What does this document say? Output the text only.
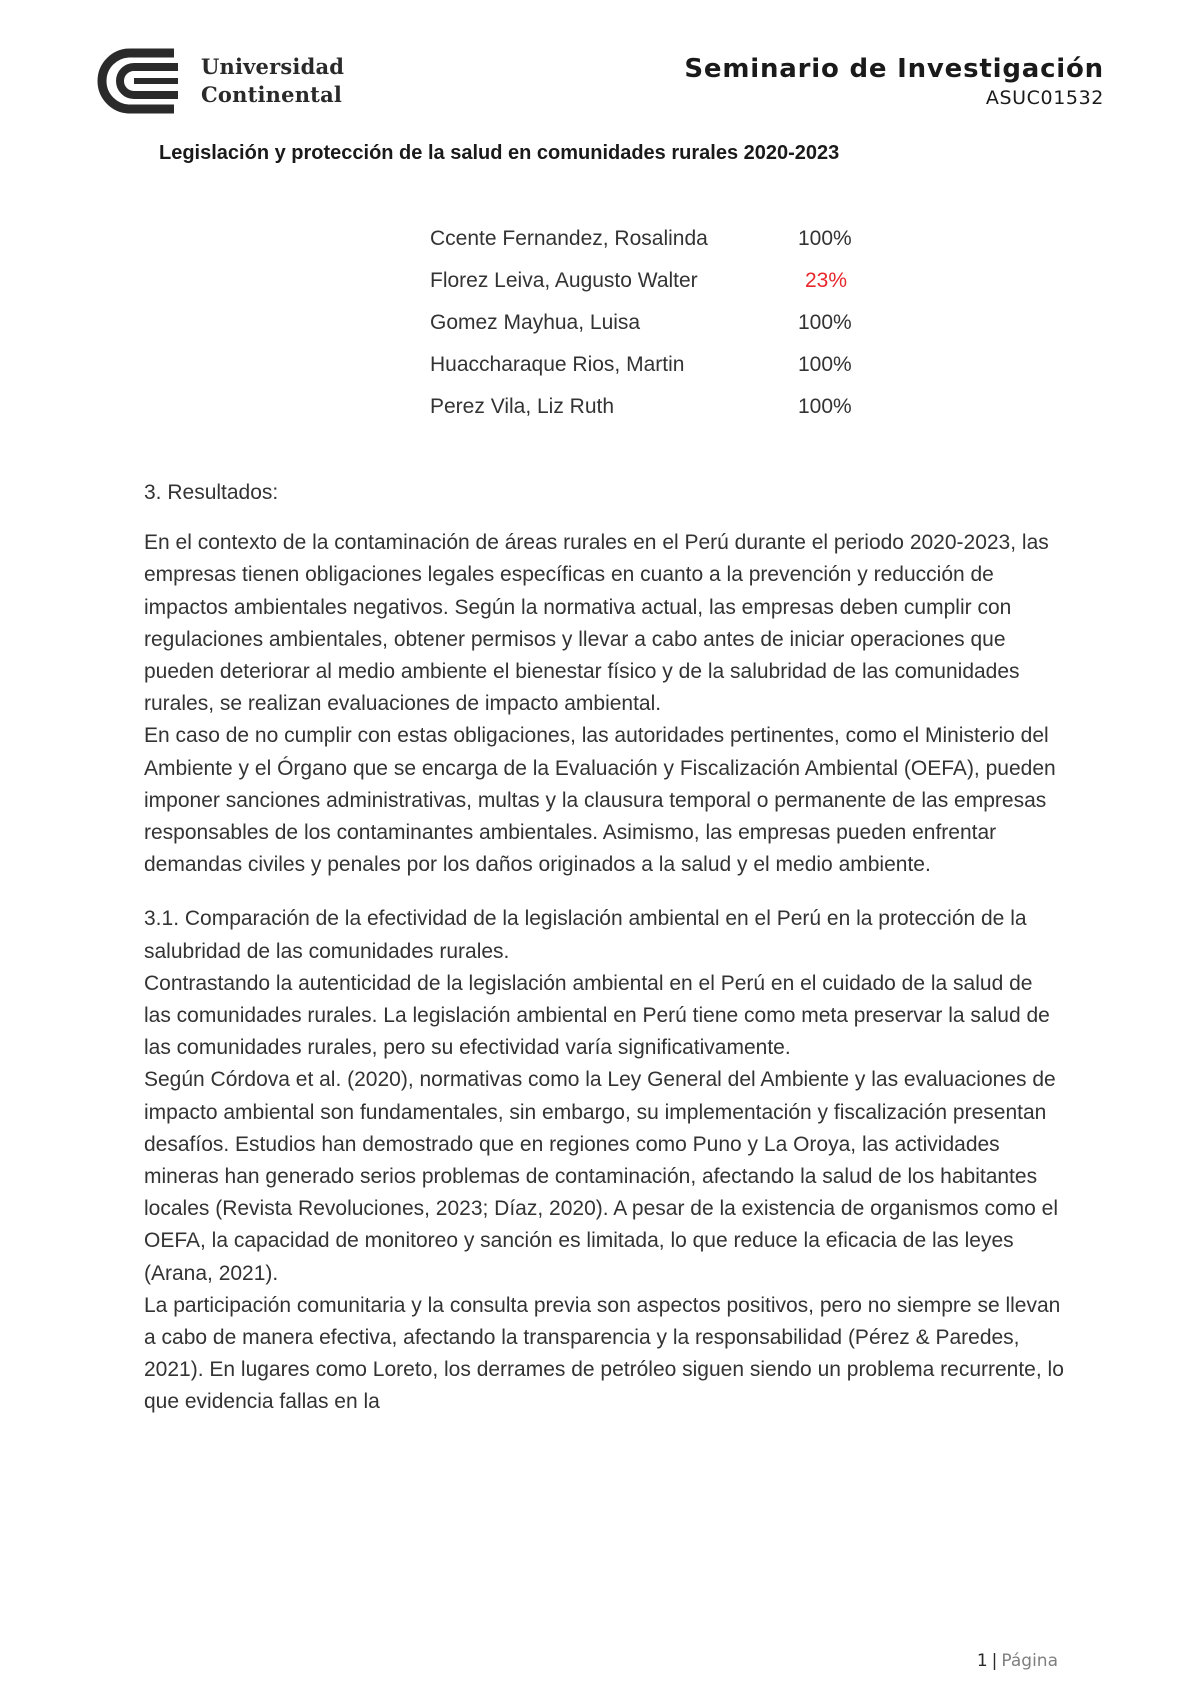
Universidad
Continental
Seminario de Investigación
ASUC01532
Legislación y protección de la salud en comunidades rurales 2020-2023
Ccente Fernandez, Rosalinda	100%
Florez Leiva, Augusto Walter	23%
Gomez Mayhua, Luisa	100%
Huaccharaque Rios, Martin	100%
Perez Vila, Liz Ruth	100%

3. Resultados:

En el contexto de la contaminación de áreas rurales en el Perú durante el periodo 2020-2023, las empresas tienen obligaciones legales específicas en cuanto a la prevención y reducción de impactos ambientales negativos. Según la normativa actual, las empresas deben cumplir con regulaciones ambientales, obtener permisos y llevar a cabo antes de iniciar operaciones que pueden deteriorar al medio ambiente el bienestar físico y de la salubridad de las comunidades rurales, se realizan evaluaciones de impacto ambiental.

En caso de no cumplir con estas obligaciones, las autoridades pertinentes, como el Ministerio del Ambiente y el Órgano que se encarga de la Evaluación y Fiscalización Ambiental (OEFA), pueden imponer sanciones administrativas, multas y la clausura temporal o permanente de las empresas responsables de los contaminantes ambientales. Asimismo, las empresas pueden enfrentar demandas civiles y penales por los daños originados a la salud y el medio ambiente.

3.1. Comparación de la efectividad de la legislación ambiental en el Perú en la protección de la salubridad de las comunidades rurales.

Contrastando la autenticidad de la legislación ambiental en el Perú en el cuidado de la salud de las comunidades rurales. La legislación ambiental en Perú tiene como meta preservar la salud de las comunidades rurales, pero su efectividad varía significativamente.

Según Córdova et al. (2020), normativas como la Ley General del Ambiente y las evaluaciones de impacto ambiental son fundamentales, sin embargo, su implementación y fiscalización presentan desafíos. Estudios han demostrado que en regiones como Puno y La Oroya, las actividades mineras han generado serios problemas de contaminación, afectando la salud de los habitantes locales (Revista Revoluciones, 2023; Díaz, 2020). A pesar de la existencia de organismos como el OEFA, la capacidad de monitoreo y sanción es limitada, lo que reduce la eficacia de las leyes (Arana, 2021).

La participación comunitaria y la consulta previa son aspectos positivos, pero no siempre se llevan a cabo de manera efectiva, afectando la transparencia y la responsabilidad (Pérez & Paredes, 2021). En lugares como Loreto, los derrames de petróleo siguen siendo un problema recurrente, lo que evidencia fallas en la

1 | Página
